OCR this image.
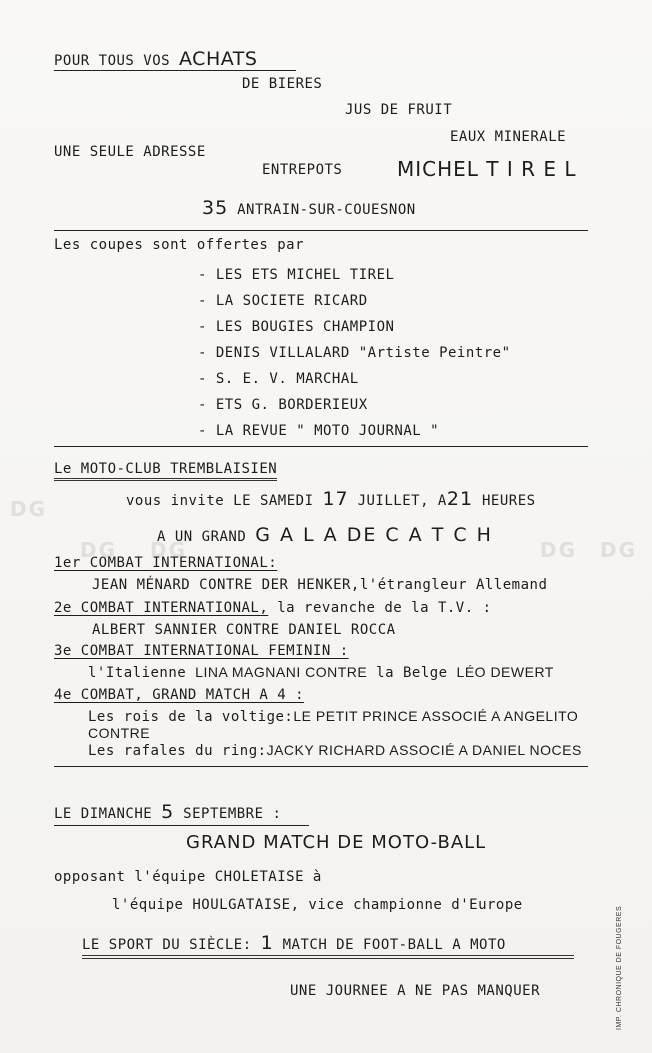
POUR TOUS VOS ACHATS
DE BIERES
JUS DE FRUIT
EAUX MINERALE
UNE SEULE ADRESSE
ENTREPOTS	MICHEL T I R E L
35 ANTRAIN-SUR-COUESNON
Les coupes sont offertes par
- LES ETS MICHEL TIREL
- LA SOCIETE RICARD
- LES BOUGIES CHAMPION
- DENIS VILLALARD "Artiste Peintre"
- S. E. V. MARCHAL
- ETS G. BORDERIEUX
- LA REVUE " MOTO JOURNAL "
DG
DG DG	DG DG
Le MOTO-CLUB TREMBLAISIEN
vous invite LE SAMEDI 17 JUILLET, A21 HEURES
A UN GRAND G A L A DE C A T C H
1er COMBAT INTERNATIONAL:
JEAN MÉNARD CONTRE DER HENKER,l'étrangleur Allemand
2e COMBAT INTERNATIONAL, la revanche de la T.V. :
ALBERT SANNIER CONTRE DANIEL ROCCA
3e COMBAT INTERNATIONAL FEMININ :
l'Italienne LINA MAGNANI CONTRE la Belge LÉO DEWERT
4e COMBAT, GRAND MATCH A 4 :
Les rois de la voltige:LE PETIT PRINCE ASSOCIÉ A ANGELITO
CONTRE
Les rafales du ring:JACKY RICHARD ASSOCIÉ A DANIEL NOCES
LE DIMANCHE 5 SEPTEMBRE :
GRAND MATCH DE MOTO-BALL
opposant l'équipe CHOLETAISE à
l'équipe HOULGATAISE, vice championne d'Europe
LE SPORT DU SIÈCLE: 1 MATCH DE FOOT-BALL A MOTO
UNE JOURNEE A NE PAS MANQUER	IMP. CHRONIQUE DE FOUGERES
